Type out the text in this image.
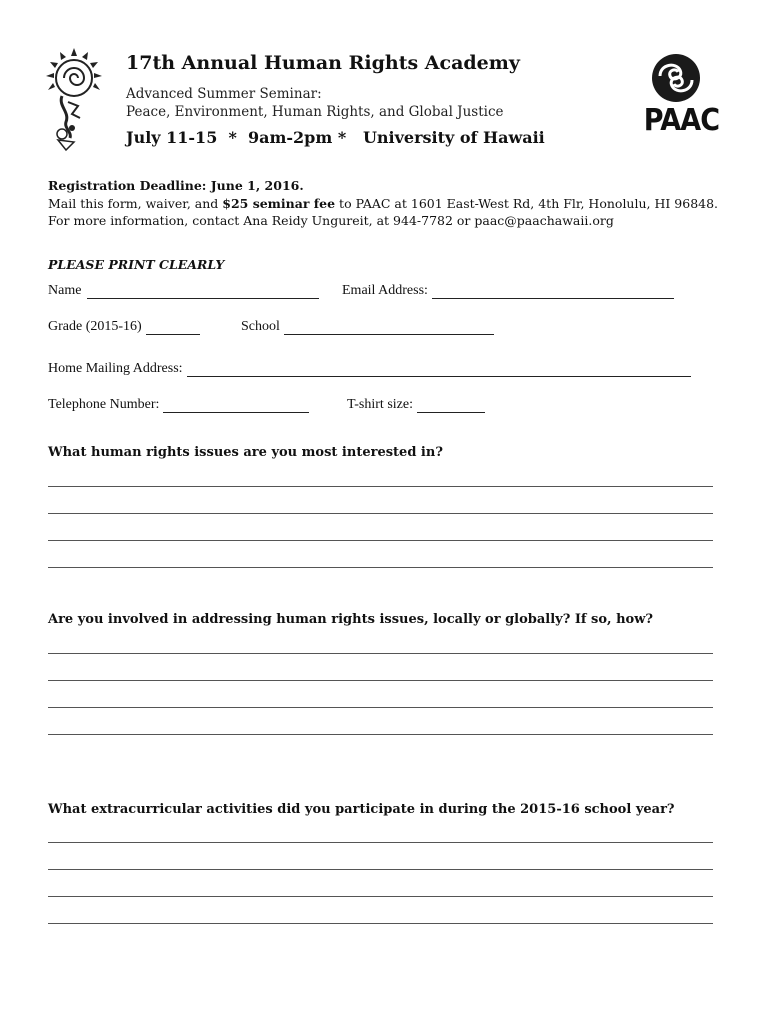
PAAC
17th Annual Human Rights Academy
Advanced Summer Seminar:
Peace, Environment, Human Rights, and Global Justice
July 11-15  *  9am-2pm *   University of Hawaii
Registration Deadline: June 1, 2016.
Mail this form, waiver, and $25 seminar fee to PAAC at 1601 East-West Rd, 4th Flr, Honolulu, HI 96848. For more information, contact Ana Reidy Ungureit, at 944-7782 or paac@paachawaii.org
PLEASE PRINT CLEARLY
Name	Email Address:
Grade (2015-16)	School
Home Mailing Address:
Telephone Number:	T-shirt size:
What human rights issues are you most interested in?
Are you involved in addressing human rights issues, locally or globally? If so, how?
What extracurricular activities did you participate in during the 2015-16 school year?
